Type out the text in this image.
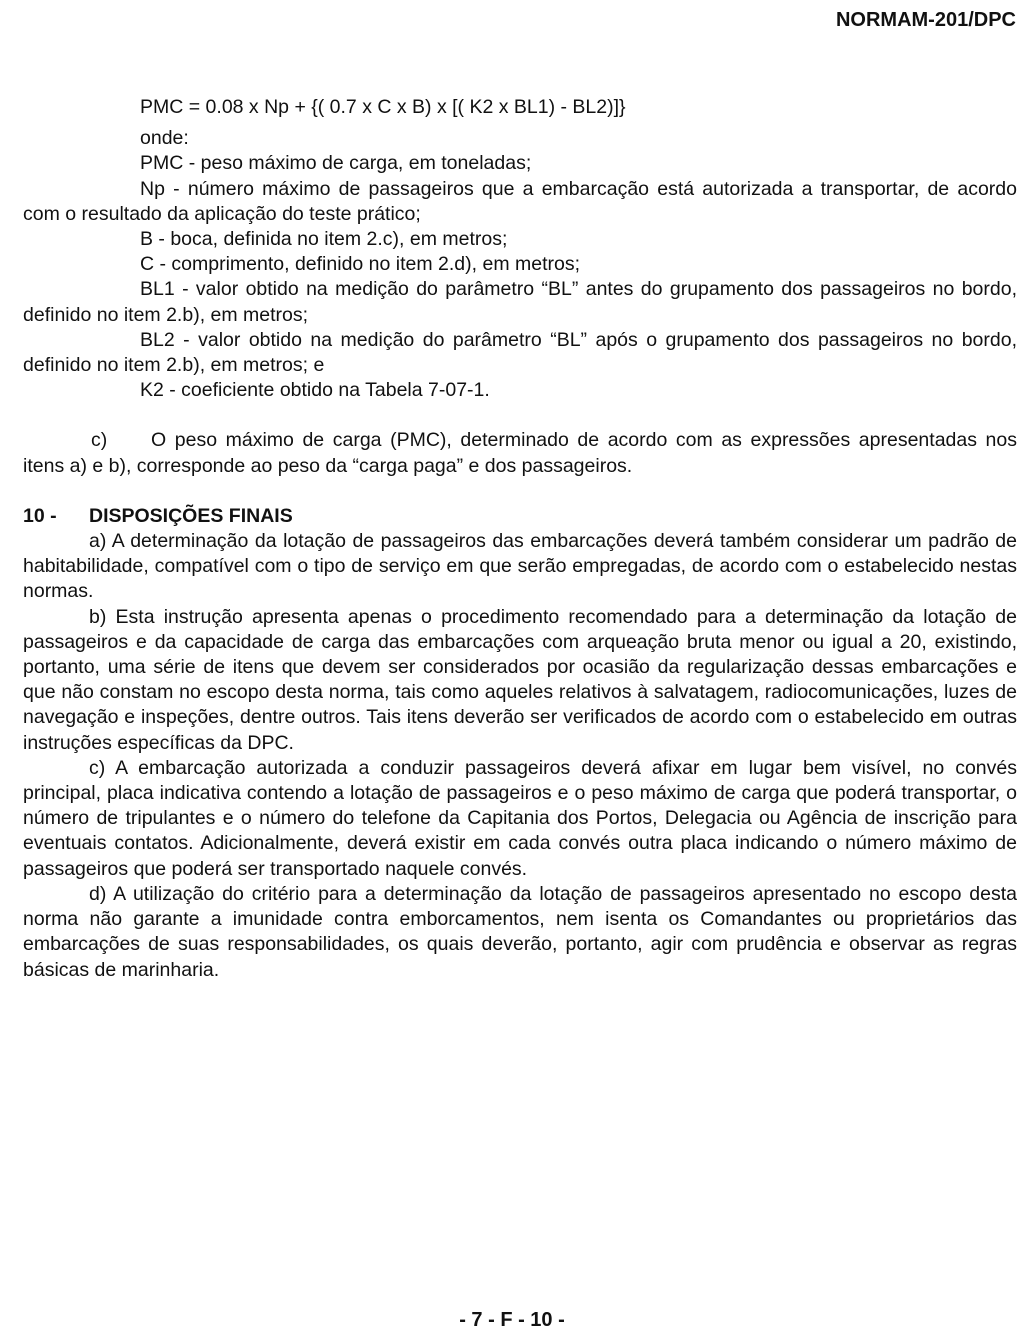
NORMAM-201/DPC

PMC = 0.08 x Np + {( 0.7 x C x B) x [( K2 x BL1) - BL2)]}

onde:

PMC - peso máximo de carga, em toneladas;

Np - número máximo de passageiros que a embarcação está autorizada a transportar, de acordo com o resultado da aplicação do teste prático;

B - boca, definida no item 2.c), em metros;

C - comprimento, definido no item 2.d), em metros;

BL1 - valor obtido na medição do parâmetro “BL” antes do grupamento dos passageiros no bordo, definido no item 2.b), em metros;

BL2 - valor obtido na medição do parâmetro “BL” após o grupamento dos passageiros no bordo, definido no item 2.b), em metros; e

K2 - coeficiente obtido na Tabela 7-07-1.

c) O peso máximo de carga (PMC), determinado de acordo com as expressões apresentadas nos itens a) e b), corresponde ao peso da “carga paga” e dos passageiros.

10 - DISPOSIÇÕES FINAIS

a) A determinação da lotação de passageiros das embarcações deverá também considerar um padrão de habitabilidade, compatível com o tipo de serviço em que serão empregadas, de acordo com o estabelecido nestas normas.

b) Esta instrução apresenta apenas o procedimento recomendado para a determinação da lotação de passageiros e da capacidade de carga das embarcações com arqueação bruta menor ou igual a 20, existindo, portanto, uma série de itens que devem ser considerados por ocasião da regularização dessas embarcações e que não constam no escopo desta norma, tais como aqueles relativos à salvatagem, radiocomunicações, luzes de navegação e inspeções, dentre outros. Tais itens deverão ser verificados de acordo com o estabelecido em outras instruções específicas da DPC.

c) A embarcação autorizada a conduzir passageiros deverá afixar em lugar bem visível, no convés principal, placa indicativa contendo a lotação de passageiros e o peso máximo de carga que poderá transportar, o número de tripulantes e o número do telefone da Capitania dos Portos, Delegacia ou Agência de inscrição para eventuais contatos. Adicionalmente, deverá existir em cada convés outra placa indicando o número máximo de passageiros que poderá ser transportado naquele convés.

d) A utilização do critério para a determinação da lotação de passageiros apresentado no escopo desta norma não garante a imunidade contra emborcamentos, nem isenta os Comandantes ou proprietários das embarcações de suas responsabilidades, os quais deverão, portanto, agir com prudência e observar as regras básicas de marinharia.

- 7 - F - 10 -
